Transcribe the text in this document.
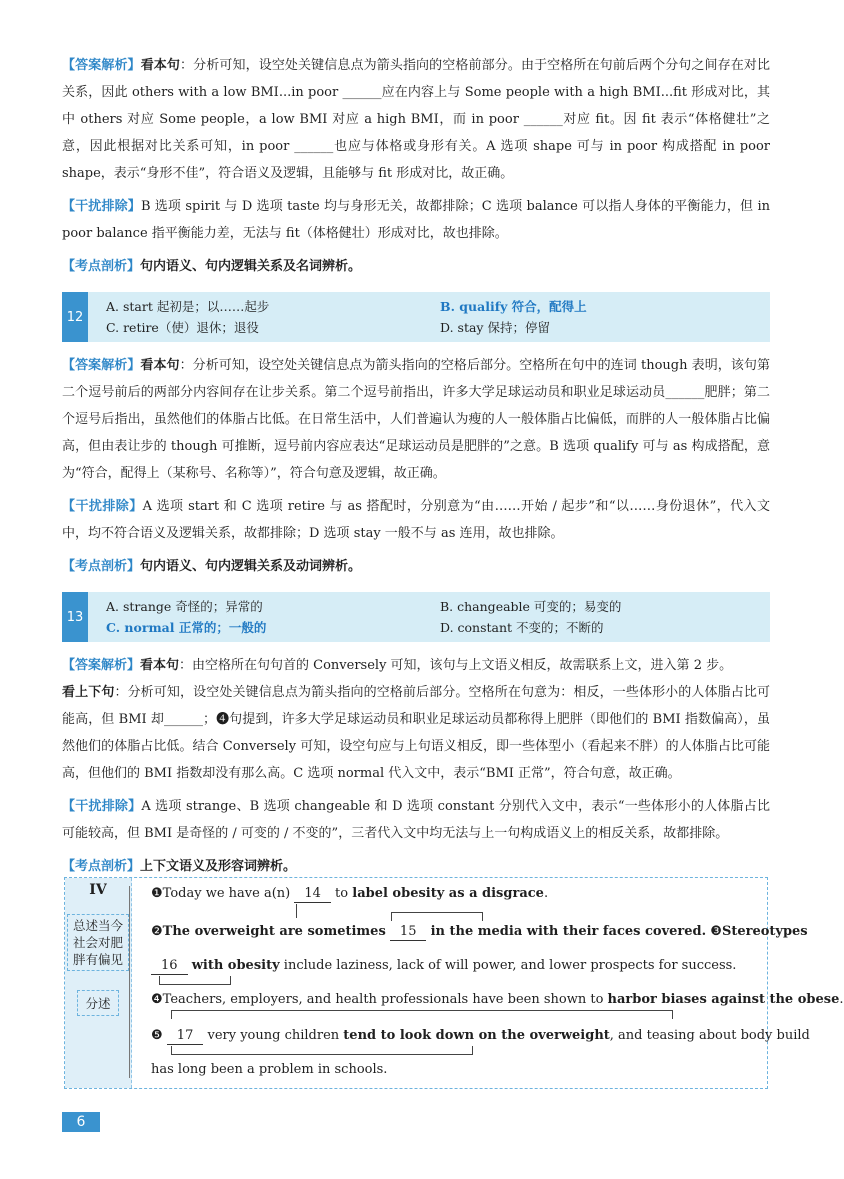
【答案解析】看本句：分析可知，设空处关键信息点为箭头指向的空格前部分。由于空格所在句前后两个分句之间存在对比关系，因此 others with a low BMI...in poor ______应在内容上与 Some people with a high BMI...fit 形成对比，其中 others 对应 Some people，a low BMI 对应 a high BMI，而 in poor ______对应 fit。因 fit 表示“体格健壮”之意，因此根据对比关系可知，in poor ______也应与体格或身形有关。A 选项 shape 可与 in poor 构成搭配 in poor shape，表示“身形不佳”，符合语义及逻辑，且能够与 fit 形成对比，故正确。

【干扰排除】B 选项 spirit 与 D 选项 taste 均与身形无关，故都排除；C 选项 balance 可以指人身体的平衡能力，但 in poor balance 指平衡能力差，无法与 fit（体格健壮）形成对比，故也排除。

【考点剖析】句内语义、句内逻辑关系及名词辨析。

12
A. start 起初是；以……起步	B. qualify 符合，配得上
C. retire（使）退休；退役	D. stay 保持；停留

【答案解析】看本句：分析可知，设空处关键信息点为箭头指向的空格后部分。空格所在句中的连词 though 表明，该句第二个逗号前后的两部分内容间存在让步关系。第二个逗号前指出，许多大学足球运动员和职业足球运动员______肥胖；第二个逗号后指出，虽然他们的体脂占比低。在日常生活中，人们普遍认为瘦的人一般体脂占比偏低，而胖的人一般体脂占比偏高，但由表让步的 though 可推断，逗号前内容应表达“足球运动员是肥胖的”之意。B 选项 qualify 可与 as 构成搭配，意为“符合，配得上（某称号、名称等）”，符合句意及逻辑，故正确。

【干扰排除】A 选项 start 和 C 选项 retire 与 as 搭配时，分别意为“由……开始 / 起步”和“以……身份退休”，代入文中，均不符合语义及逻辑关系，故都排除；D 选项 stay 一般不与 as 连用，故也排除。

【考点剖析】句内语义、句内逻辑关系及动词辨析。

13
A. strange 奇怪的；异常的	B. changeable 可变的；易变的
C. normal 正常的；一般的	D. constant 不变的；不断的

【答案解析】看本句：由空格所在句句首的 Conversely 可知，该句与上文语义相反，故需联系上文，进入第 2 步。
看上下句：分析可知，设空处关键信息点为箭头指向的空格前后部分。空格所在句意为：相反，一些体形小的人体脂占比可能高，但 BMI 却______；❹句提到，许多大学足球运动员和职业足球运动员都称得上肥胖（即他们的 BMI 指数偏高），虽然他们的体脂占比低。结合 Conversely 可知，设空句应与上句语义相反，即一些体型小（看起来不胖）的人体脂占比可能高，但他们的 BMI 指数却没有那么高。C 选项 normal 代入文中，表示“BMI 正常”，符合句意，故正确。

【干扰排除】A 选项 strange、B 选项 changeable 和 D 选项 constant 分别代入文中，表示“一些体形小的人体脂占比可能较高，但 BMI 是奇怪的 / 可变的 / 不变的”，三者代入文中均无法与上一句构成语义上的相反关系，故都排除。

【考点剖析】上下文语义及形容词辨析。

IV
总述当今社会对肥胖有偏见
分述
❶Today we have a(n) 14 to label obesity as a disgrace.
❷The overweight are sometimes 15 in the media with their faces covered. ❸Stereotypes
16 with obesity include laziness, lack of will power, and lower prospects for success.
❹Teachers, employers, and health professionals have been shown to harbor biases against the obese.
❺ 17 very young children tend to look down on the overweight, and teasing about body build
has long been a problem in schools.
6
